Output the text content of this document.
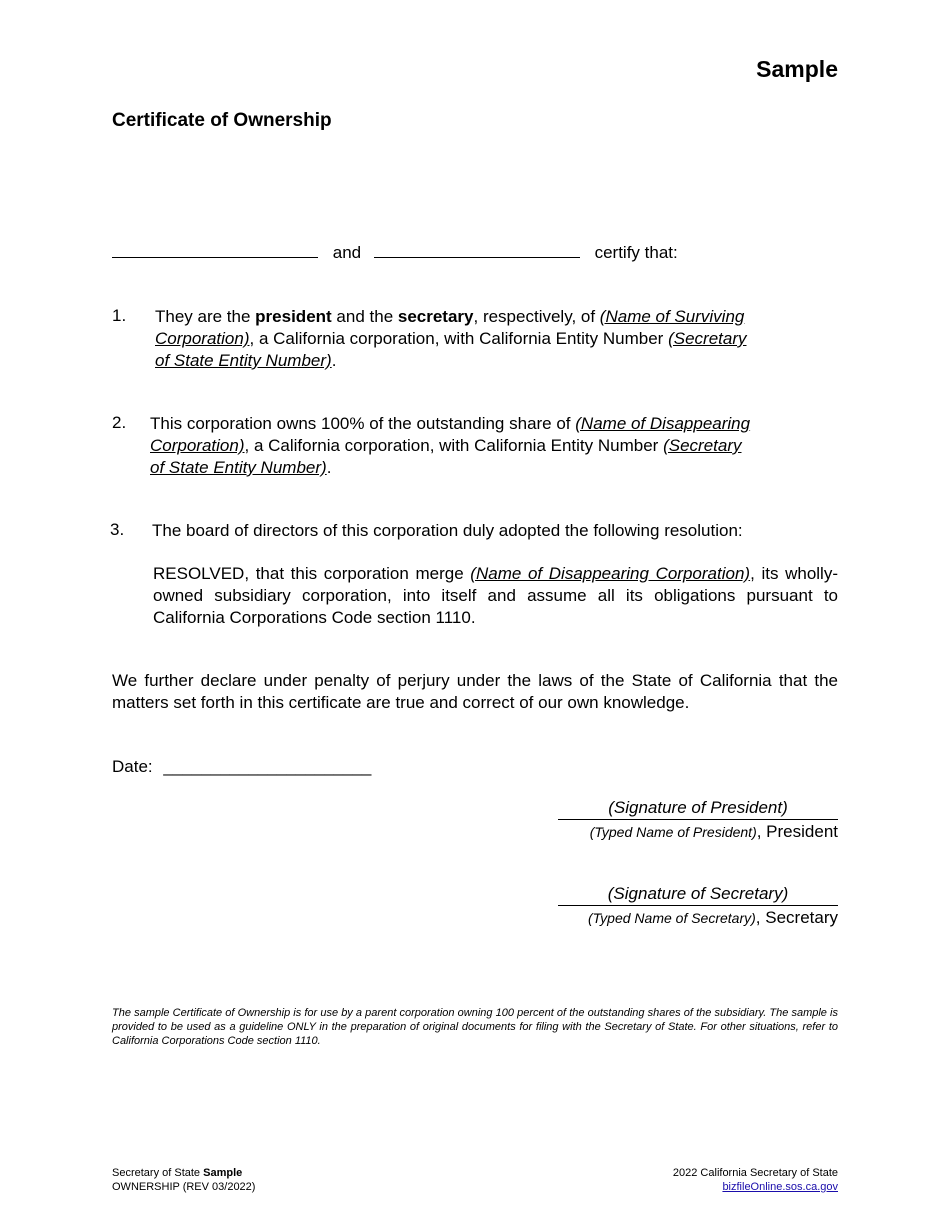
Sample
Certificate of Ownership
and	certify that:
1. They are the president and the secretary, respectively, of (Name of Surviving
Corporation), a California corporation, with California Entity Number (Secretary
of State Entity Number).
2. This corporation owns 100% of the outstanding share of (Name of Disappearing
Corporation), a California corporation, with California Entity Number (Secretary
of State Entity Number).
3. The board of directors of this corporation duly adopted the following resolution:
RESOLVED, that this corporation merge (Name of Disappearing Corporation), its wholly-owned subsidiary corporation, into itself and assume all its obligations pursuant to California Corporations Code section 1110.
We further declare under penalty of perjury under the laws of the State of California that the matters set forth in this certificate are true and correct of our own knowledge.
Date: ______________________
(Signature of President)
(Typed Name of President), President
(Signature of Secretary)
(Typed Name of Secretary), Secretary
The sample Certificate of Ownership is for use by a parent corporation owning 100 percent of the outstanding shares of the subsidiary. The sample is provided to be used as a guideline ONLY in the preparation of original documents for filing with the Secretary of State. For other situations, refer to California Corporations Code section 1110.
Secretary of State Sample
OWNERSHIP (REV 03/2022)
2022 California Secretary of State
bizfileOnline.sos.ca.gov
